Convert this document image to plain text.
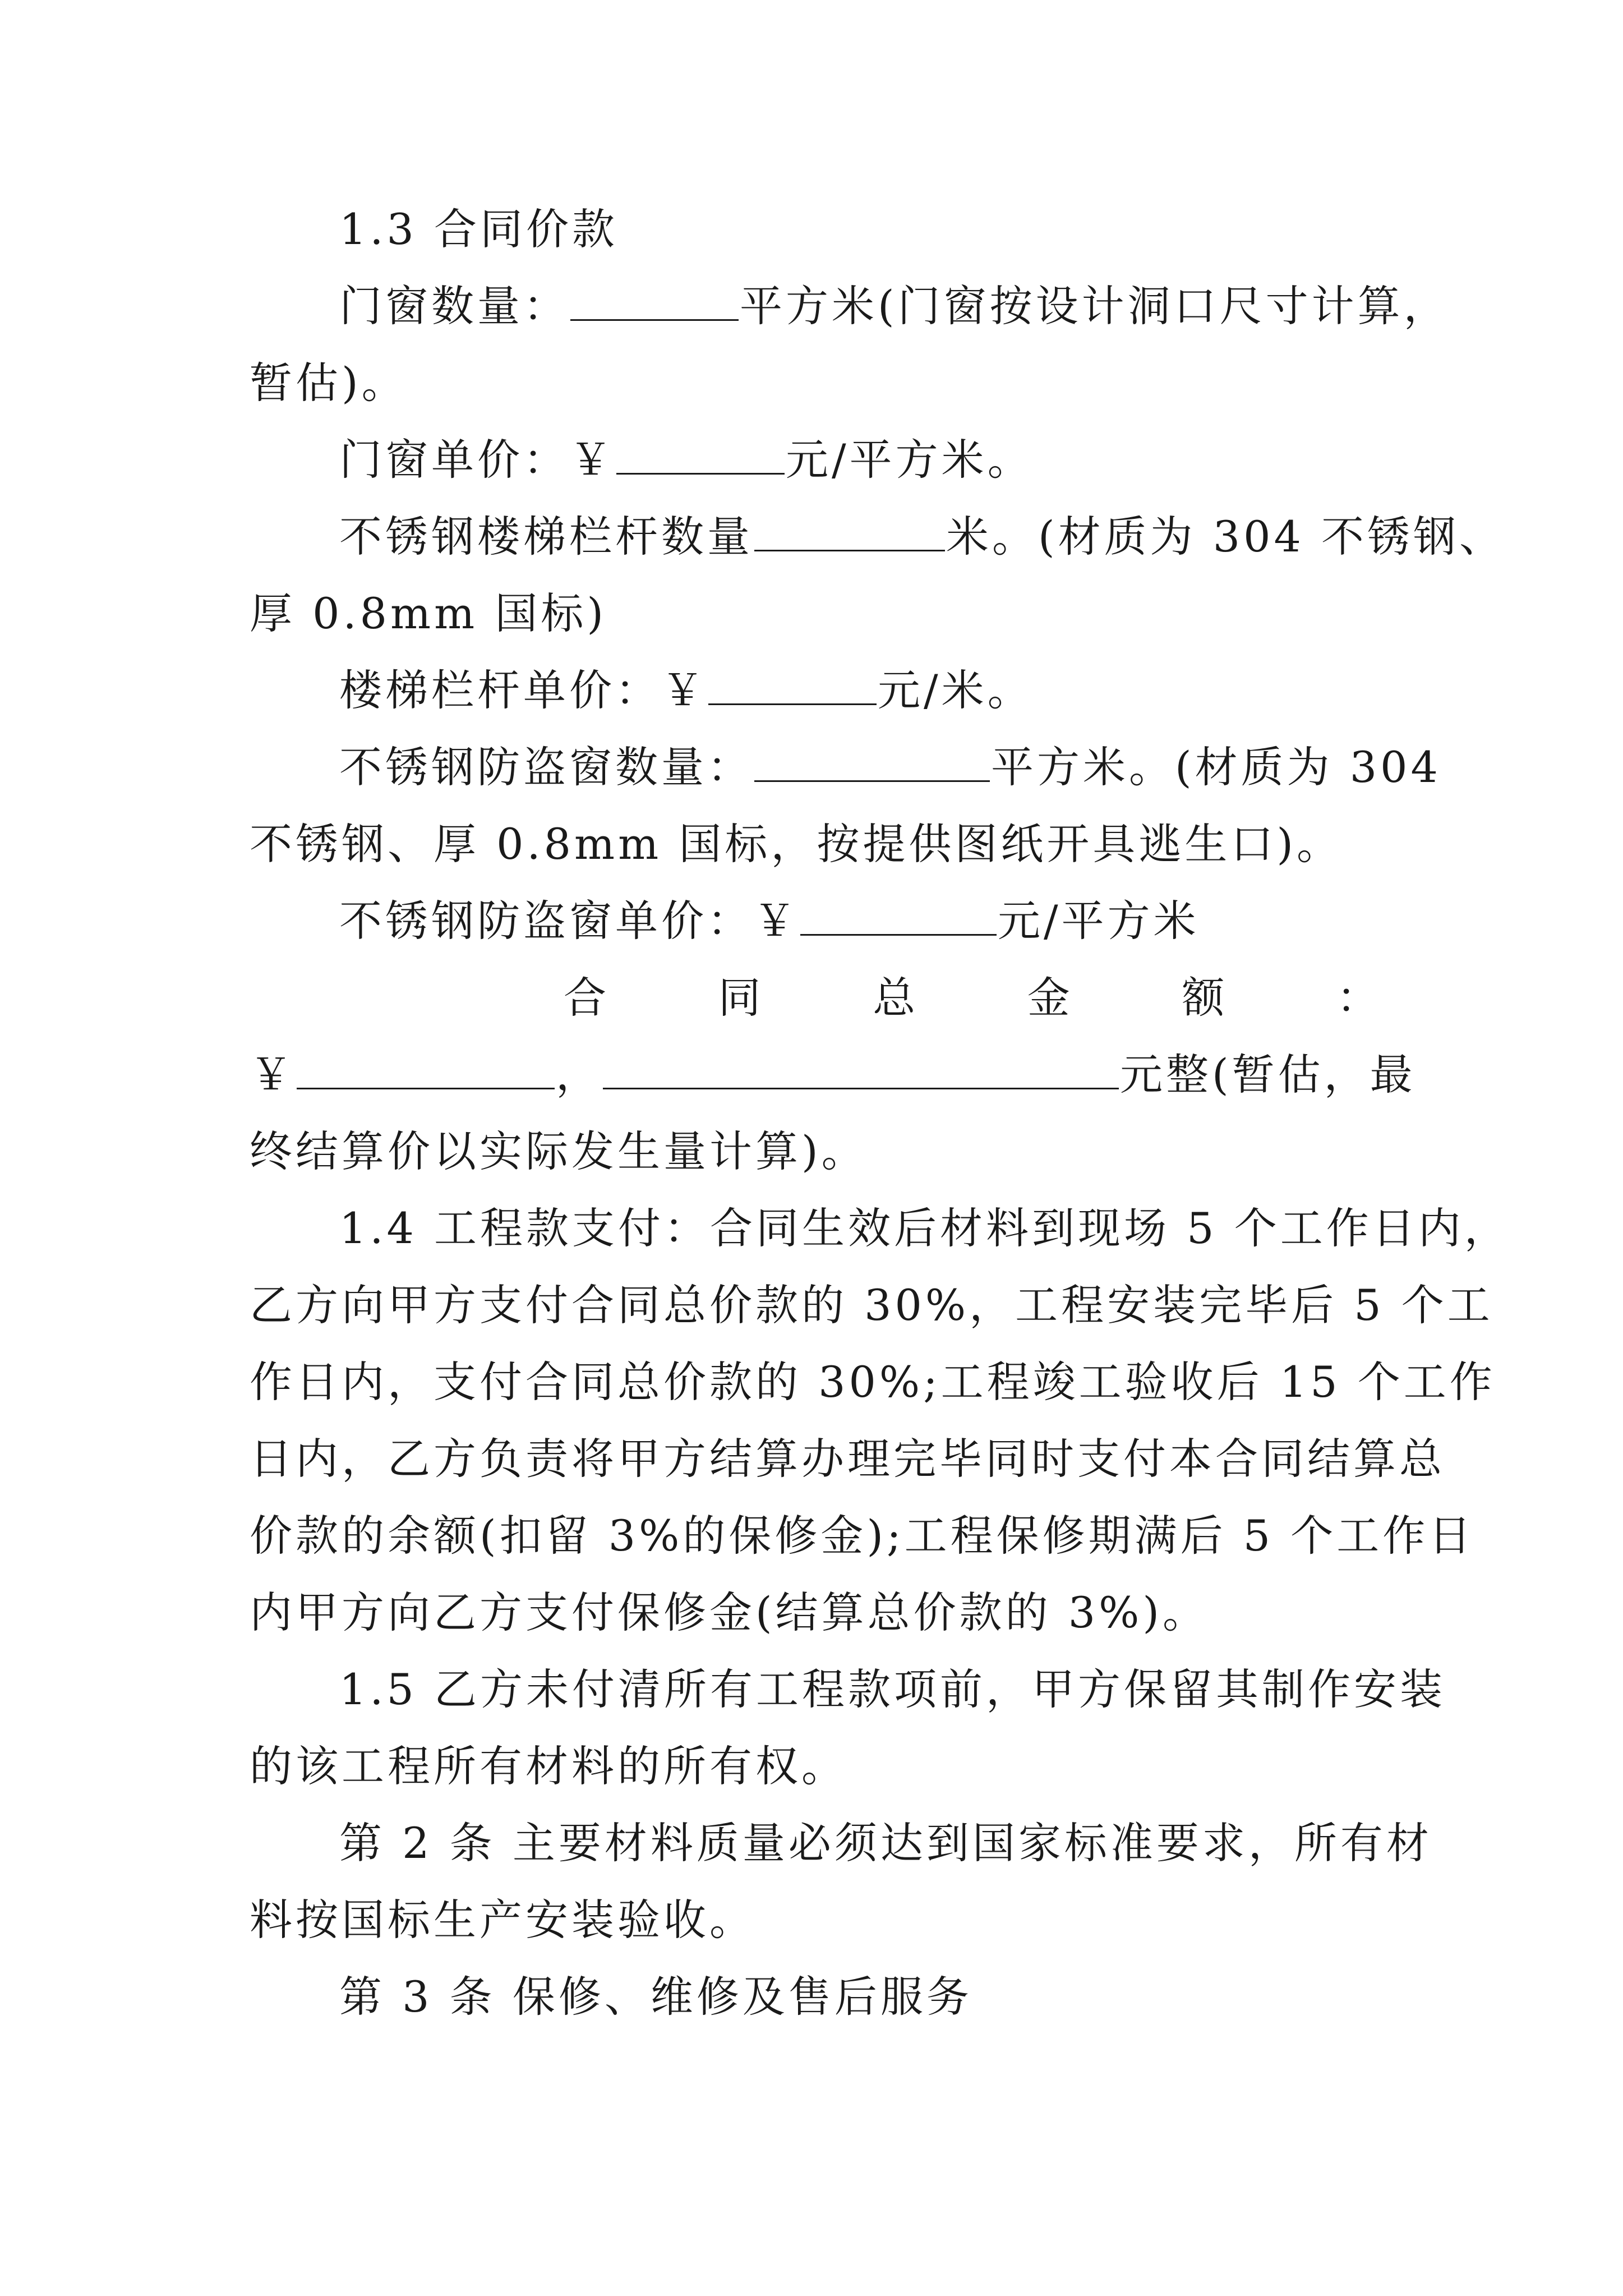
1.3 合同价款
门窗数量：	平方米(门窗按设计洞口尺寸计算，
暂估)。
门窗单价：￥	元/平方米。
不锈钢楼梯栏杆数量	米。(材质为 304 不锈钢、
厚 0.8mm 国标)
楼梯栏杆单价：￥	元/米。
不锈钢防盗窗数量：	平方米。(材质为 304
不锈钢、厚 0.8mm 国标，按提供图纸开具逃生口)。
不锈钢防盗窗单价：￥	元/平方米
合	同	总	金	额	：
￥	，	元整(暂估，最
终结算价以实际发生量计算)。
1.4 工程款支付：合同生效后材料到现场 5 个工作日内，
乙方向甲方支付合同总价款的 30%，工程安装完毕后 5 个工
作日内，支付合同总价款的 30%;工程竣工验收后 15 个工作
日内，乙方负责将甲方结算办理完毕同时支付本合同结算总
价款的余额(扣留 3%的保修金);工程保修期满后 5 个工作日
内甲方向乙方支付保修金(结算总价款的 3%)。
1.5 乙方未付清所有工程款项前，甲方保留其制作安装
的该工程所有材料的所有权。
第 2 条 主要材料质量必须达到国家标准要求，所有材
料按国标生产安装验收。
第 3 条 保修、维修及售后服务
